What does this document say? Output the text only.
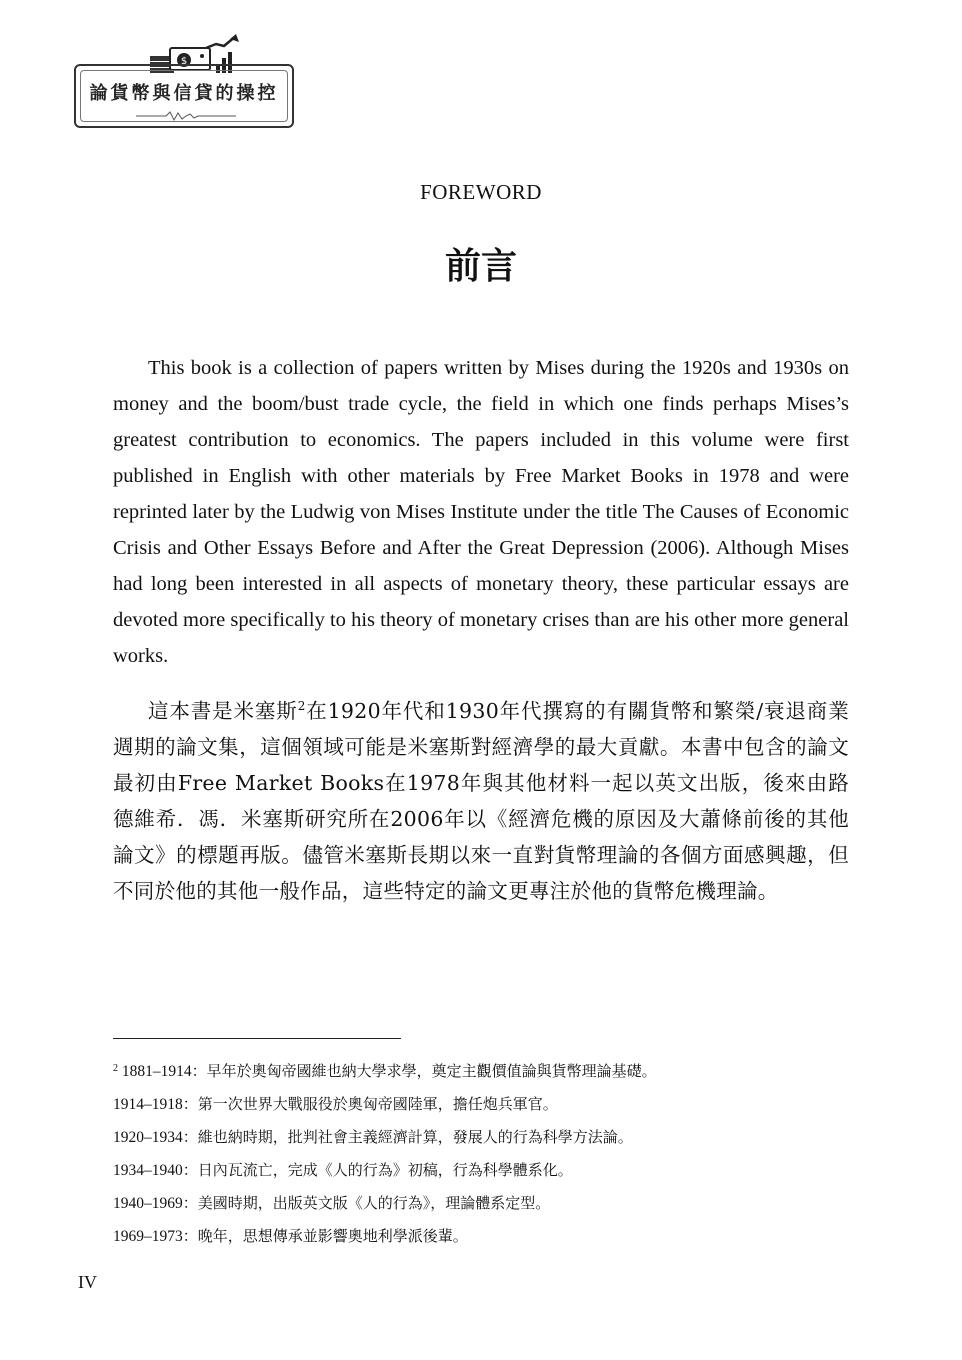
$
論貨幣與信貸的操控
FOREWORD
前言

This book is a collection of papers written by Mises during the 1920s and 1930s on money and the boom/bust trade cycle, the field in which one finds perhaps Mises’s greatest contribution to economics. The papers included in this volume were first published in English with other materials by Free Market Books in 1978 and were reprinted later by the Ludwig von Mises Institute under the title The Causes of Economic Crisis and Other Essays Before and After the Great Depression (2006). Although Mises had long been interested in all aspects of monetary theory, these particular essays are devoted more specifically to his theory of monetary crises than are his other more general works.

這本書是米塞斯$^2$在1920年代和1930年代撰寫的有關貨幣和繁榮/衰退商業週期的論文集，這個領域可能是米塞斯對經濟學的最大貢獻。本書中包含的論文最初由Free Market Books在1978年與其他材料一起以英文出版，後來由路德維希．馮．米塞斯研究所在2006年以《經濟危機的原因及大蕭條前後的其他論文》的標題再版。儘管米塞斯長期以來一直對貨幣理論的各個方面感興趣，但不同於他的其他一般作品，這些特定的論文更專注於他的貨幣危機理論。

$^2$ 1881–1914：早年於奧匈帝國維也納大學求學，奠定主觀價值論與貨幣理論基礎。
1914–1918：第一次世界大戰服役於奧匈帝國陸軍，擔任炮兵軍官。
1920–1934：維也納時期，批判社會主義經濟計算，發展人的行為科學方法論。
1934–1940：日內瓦流亡，完成《人的行為》初稿，行為科學體系化。
1940–1969：美國時期，出版英文版《人的行為》，理論體系定型。
1969–1973：晚年，思想傳承並影響奧地利學派後輩。
IV
